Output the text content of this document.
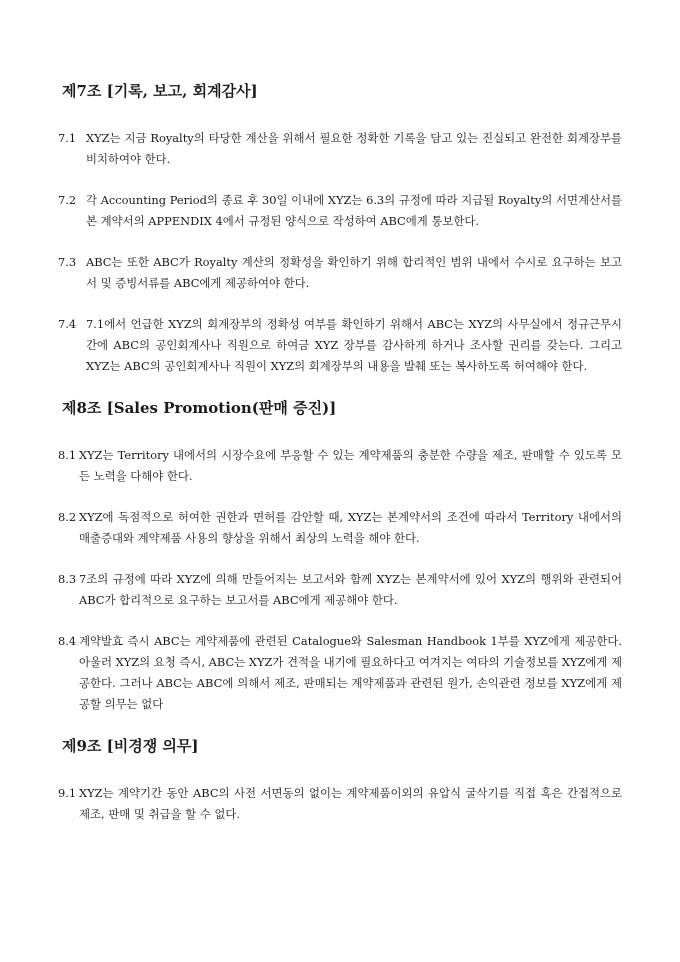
제7조 [기록, 보고, 회계감사]
7.1 XYZ는 지금 Royalty의 타당한 계산을 위해서 필요한 정확한 기록을 담고 있는 진실되고 완전한 회계장부를 비치하여야 한다.
7.2 각 Accounting Period의 종료 후 30일 이내에 XYZ는 6.3의 규정에 따라 지급될 Royalty의 서면계산서를 본 계약서의 APPENDIX 4에서 규정된 양식으로 작성하여 ABC에게 통보한다.
7.3 ABC는 또한 ABC가 Royalty 계산의 정확성을 확인하기 위해 합리적인 범위 내에서 수시로 요구하는 보고서 및 증빙서류를 ABC에게 제공하여야 한다.
7.4 7.1에서 언급한 XYZ의 회계장부의 정확성 여부를 확인하기 위해서 ABC는 XYZ의 사무실에서 정규근무시간에 ABC의 공인회계사나 직원으로 하여금 XYZ 장부를 감사하게 하거나 조사할 권리를 갖는다. 그리고 XYZ는 ABC의 공인회계사나 직원이 XYZ의 회계장부의 내용을 발췌 또는 복사하도록 허여해야 한다.
제8조 [Sales Promotion(판매 증진)]
8.1 XYZ는 Territory 내에서의 시장수요에 부응할 수 있는 계약제품의 충분한 수량을 제조, 판매할 수 있도록 모든 노력을 다해야 한다.
8.2 XYZ에 독점적으로 허여한 권한과 면허를 감안할 때, XYZ는 본계약서의 조건에 따라서 Territory 내에서의 매출증대와 계약제품 사용의 향상을 위해서 최상의 노력을 해야 한다.
8.3 7조의 규정에 따라 XYZ에 의해 만들어지는 보고서와 함께 XYZ는 본계약서에 있어 XYZ의 행위와 관련되어 ABC가 합리적으로 요구하는 보고서를 ABC에게 제공해야 한다.
8.4 계약발효 즉시 ABC는 계약제품에 관련된 Catalogue와 Salesman Handbook 1부를 XYZ에게 제공한다. 아울러 XYZ의 요청 즉시, ABC는 XYZ가 견적을 내기에 필요하다고 여겨지는 여타의 기술정보를 XYZ에게 제공한다. 그러나 ABC는 ABC에 의해서 제조, 판매되는 계약제품과 관련된 원가, 손익관련 정보를 XYZ에게 제공할 의무는 없다
제9조 [비경쟁 의무]
9.1 XYZ는 계약기간 동안 ABC의 사전 서면동의 없이는 계약제품이외의 유압식 굴삭기를 직접 혹은 간접적으로 제조, 판매 및 취급을 할 수 없다.
